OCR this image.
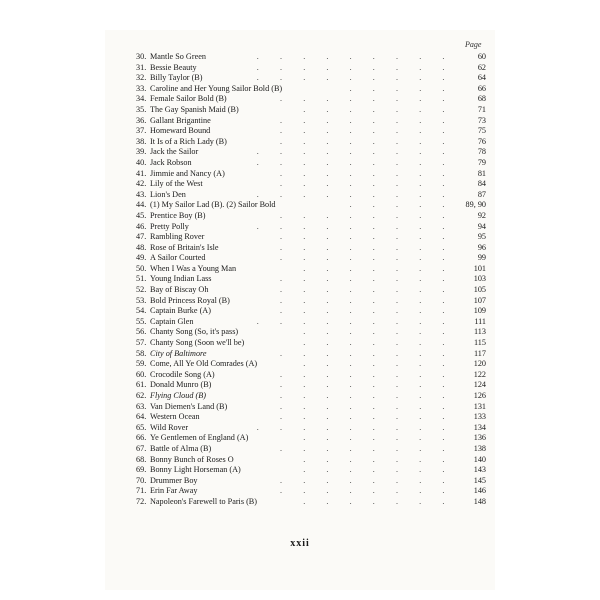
Page
30. Mantle So Green	. . . . . . . . .	60
31. Bessie Beauty	. . . . . . . . .	62
32. Billy Taylor (B)	. . . . . . . . .	64
33. Caroline and Her Young Sailor Bold (B)	. . . . .	66
34. Female Sailor Bold (B)	. . . . . . . .	68
35. The Gay Spanish Maid (B)	. . . . . . .	71
36. Gallant Brigantine	. . . . . . . .	73
37. Homeward Bound	. . . . . . . .	75
38. It Is of a Rich Lady (B)	. . . . . . . .	76
39. Jack the Sailor	. . . . . . . . .	78
40. Jack Robson	. . . . . . . . .	79
41. Jimmie and Nancy (A)	. . . . . . . .	81
42. Lily of the West	. . . . . . . .	84
43. Lion's Den	. . . . . . . . .	87
44. (1) My Sailor Lad (B). (2) Sailor Bold	. . . . .	89, 90
45. Prentice Boy (B)	. . . . . . . .	92
46. Pretty Polly	. . . . . . . . .	94
47. Rambling Rover	. . . . . . . .	95
48. Rose of Britain's Isle	. . . . . . . .	96
49. A Sailor Courted	. . . . . . . .	99
50. When I Was a Young Man	. . . . . . .	101
51. Young Indian Lass	. . . . . . . .	103
52. Bay of Biscay Oh	. . . . . . . .	105
53. Bold Princess Royal (B)	. . . . . . . .	107
54. Captain Burke (A)	. . . . . . . .	109
55. Captain Glen	. . . . . . . . .	111
56. Chanty Song (So, it's pass)	. . . . . . .	113
57. Chanty Song (Soon we'll be)	. . . . . . .	115
58. City of Baltimore	. . . . . . . .	117
59. Come, All Ye Old Comrades (A)	. . . . . . .	120
60. Crocodile Song (A)	. . . . . . . .	122
61. Donald Munro (B)	. . . . . . . .	124
62. Flying Cloud (B)	. . . . . . . .	126
63. Van Diemen's Land (B)	. . . . . . . .	131
64. Western Ocean	. . . . . . . .	133
65. Wild Rover	. . . . . . . . .	134
66. Ye Gentlemen of England (A)	. . . . . . .	136
67. Battle of Alma (B)	. . . . . . . .	138
68. Bonny Bunch of Roses O	. . . . . . .	140
69. Bonny Light Horseman (A)	. . . . . . .	143
70. Drummer Boy	. . . . . . . .	145
71. Erin Far Away	. . . . . . . .	146
72. Napoleon's Farewell to Paris (B)	. . . . . . .	148
xxii
